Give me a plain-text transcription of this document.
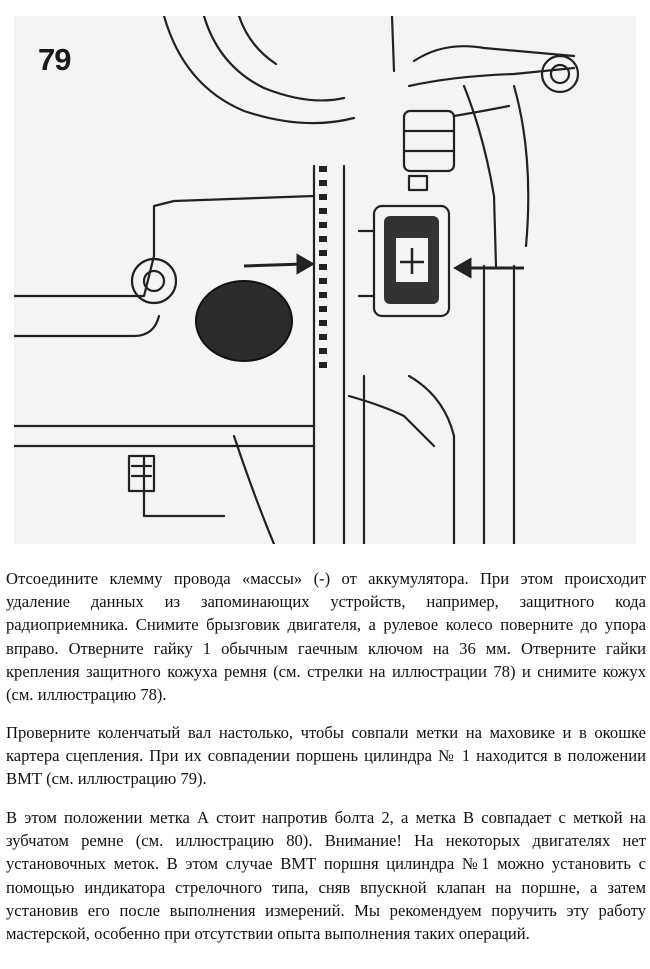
79

Отсоедините клемму провода «массы» (-) от аккумулятора. При этом происходит удаление данных из запоминающих устройств, например, защитного кода радиоприемника. Снимите брызговик двигателя, а рулевое колесо поверните до упора вправо. Отверните гайку 1 обычным гаечным ключом на 36 мм. Отверните гайки крепления защитного кожуха ремня (см. стрелки на иллюстрации 78) и снимите кожух (см. иллюстрацию 78).

Проверните коленчатый вал настолько, чтобы совпали метки на маховике и в окошке картера сцепления. При их совпадении поршень цилиндра № 1 находится в положении ВМТ (см. иллюстрацию 79).

В этом положении метка А стоит напротив болта 2, а метка В совпадает с меткой на зубчатом ремне (см. иллюстрацию 80). Внимание! На некоторых двигателях нет установочных меток. В этом случае ВМТ поршня цилиндра №1 можно установить с помощью индикатора стрелочного типа, сняв впускной клапан на поршне, а затем установив его после выполнения измерений. Мы рекомендуем поручить эту работу мастерской, особенно при отсутствии опыта выполнения таких операций.
